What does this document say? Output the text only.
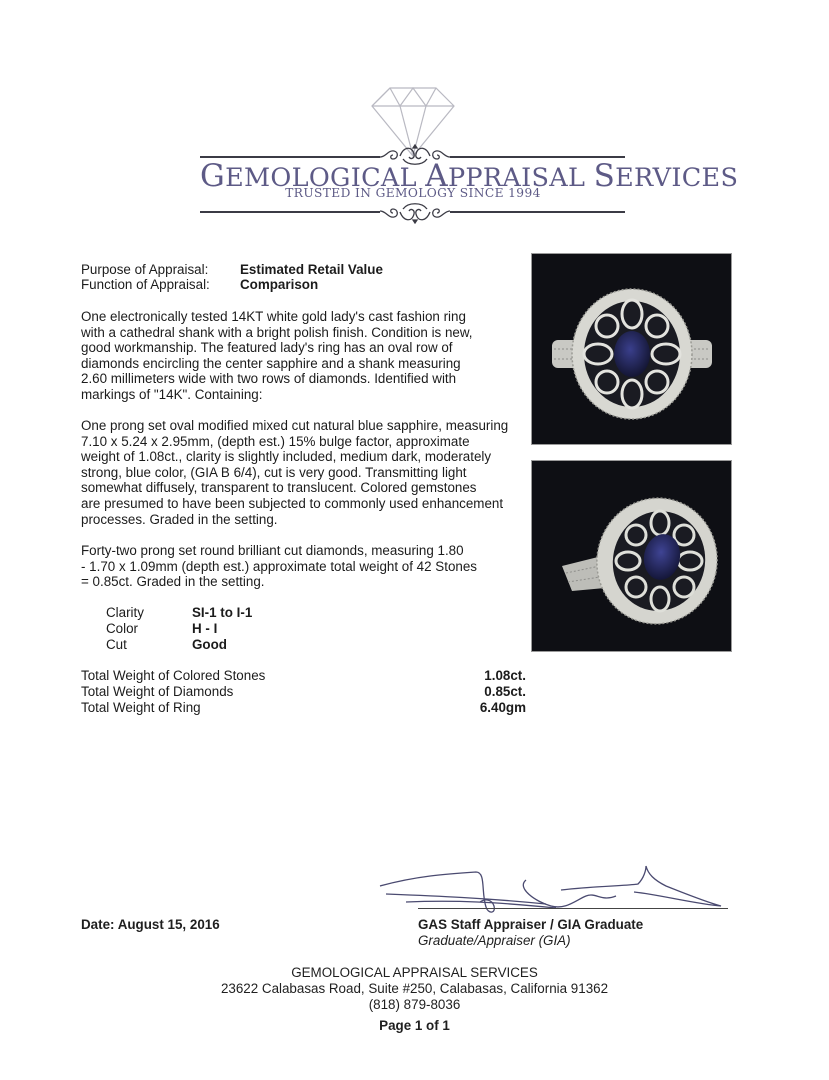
GEMOLOGICAL APPRAISAL SERVICES
TRUSTED IN GEMOLOGY SINCE 1994
Purpose of Appraisal: Estimated Retail Value
Function of Appraisal: Comparison
One electronically tested 14KT white gold lady's cast fashion ring
with a cathedral shank with a bright polish finish. Condition is new,
good workmanship. The featured lady's ring has an oval row of
diamonds encircling the center sapphire and a shank measuring
2.60 millimeters wide with two rows of diamonds. Identified with
markings of "14K". Containing:
One prong set oval modified mixed cut natural blue sapphire, measuring
7.10 x 5.24 x 2.95mm, (depth est.) 15% bulge factor, approximate
weight of 1.08ct., clarity is slightly included, medium dark, moderately
strong, blue color, (GIA B 6/4), cut is very good. Transmitting light
somewhat diffusely, transparent to translucent. Colored gemstones
are presumed to have been subjected to commonly used enhancement
processes. Graded in the setting.
Forty-two prong set round brilliant cut diamonds, measuring 1.80
- 1.70 x 1.09mm (depth est.) approximate total weight of 42 Stones
= 0.85ct. Graded in the setting.
Clarity	SI-1 to I-1
Color	H - I
Cut	Good
Total Weight of Colored Stones	1.08ct.
Total Weight of Diamonds	0.85ct.
Total Weight of Ring	6.40gm
Date: August 15, 2016	GAS Staff Appraiser / GIA Graduate
Graduate/Appraiser (GIA)
GEMOLOGICAL APPRAISAL SERVICES
23622 Calabasas Road, Suite #250, Calabasas, California 91362
(818) 879-8036
Page 1 of 1
